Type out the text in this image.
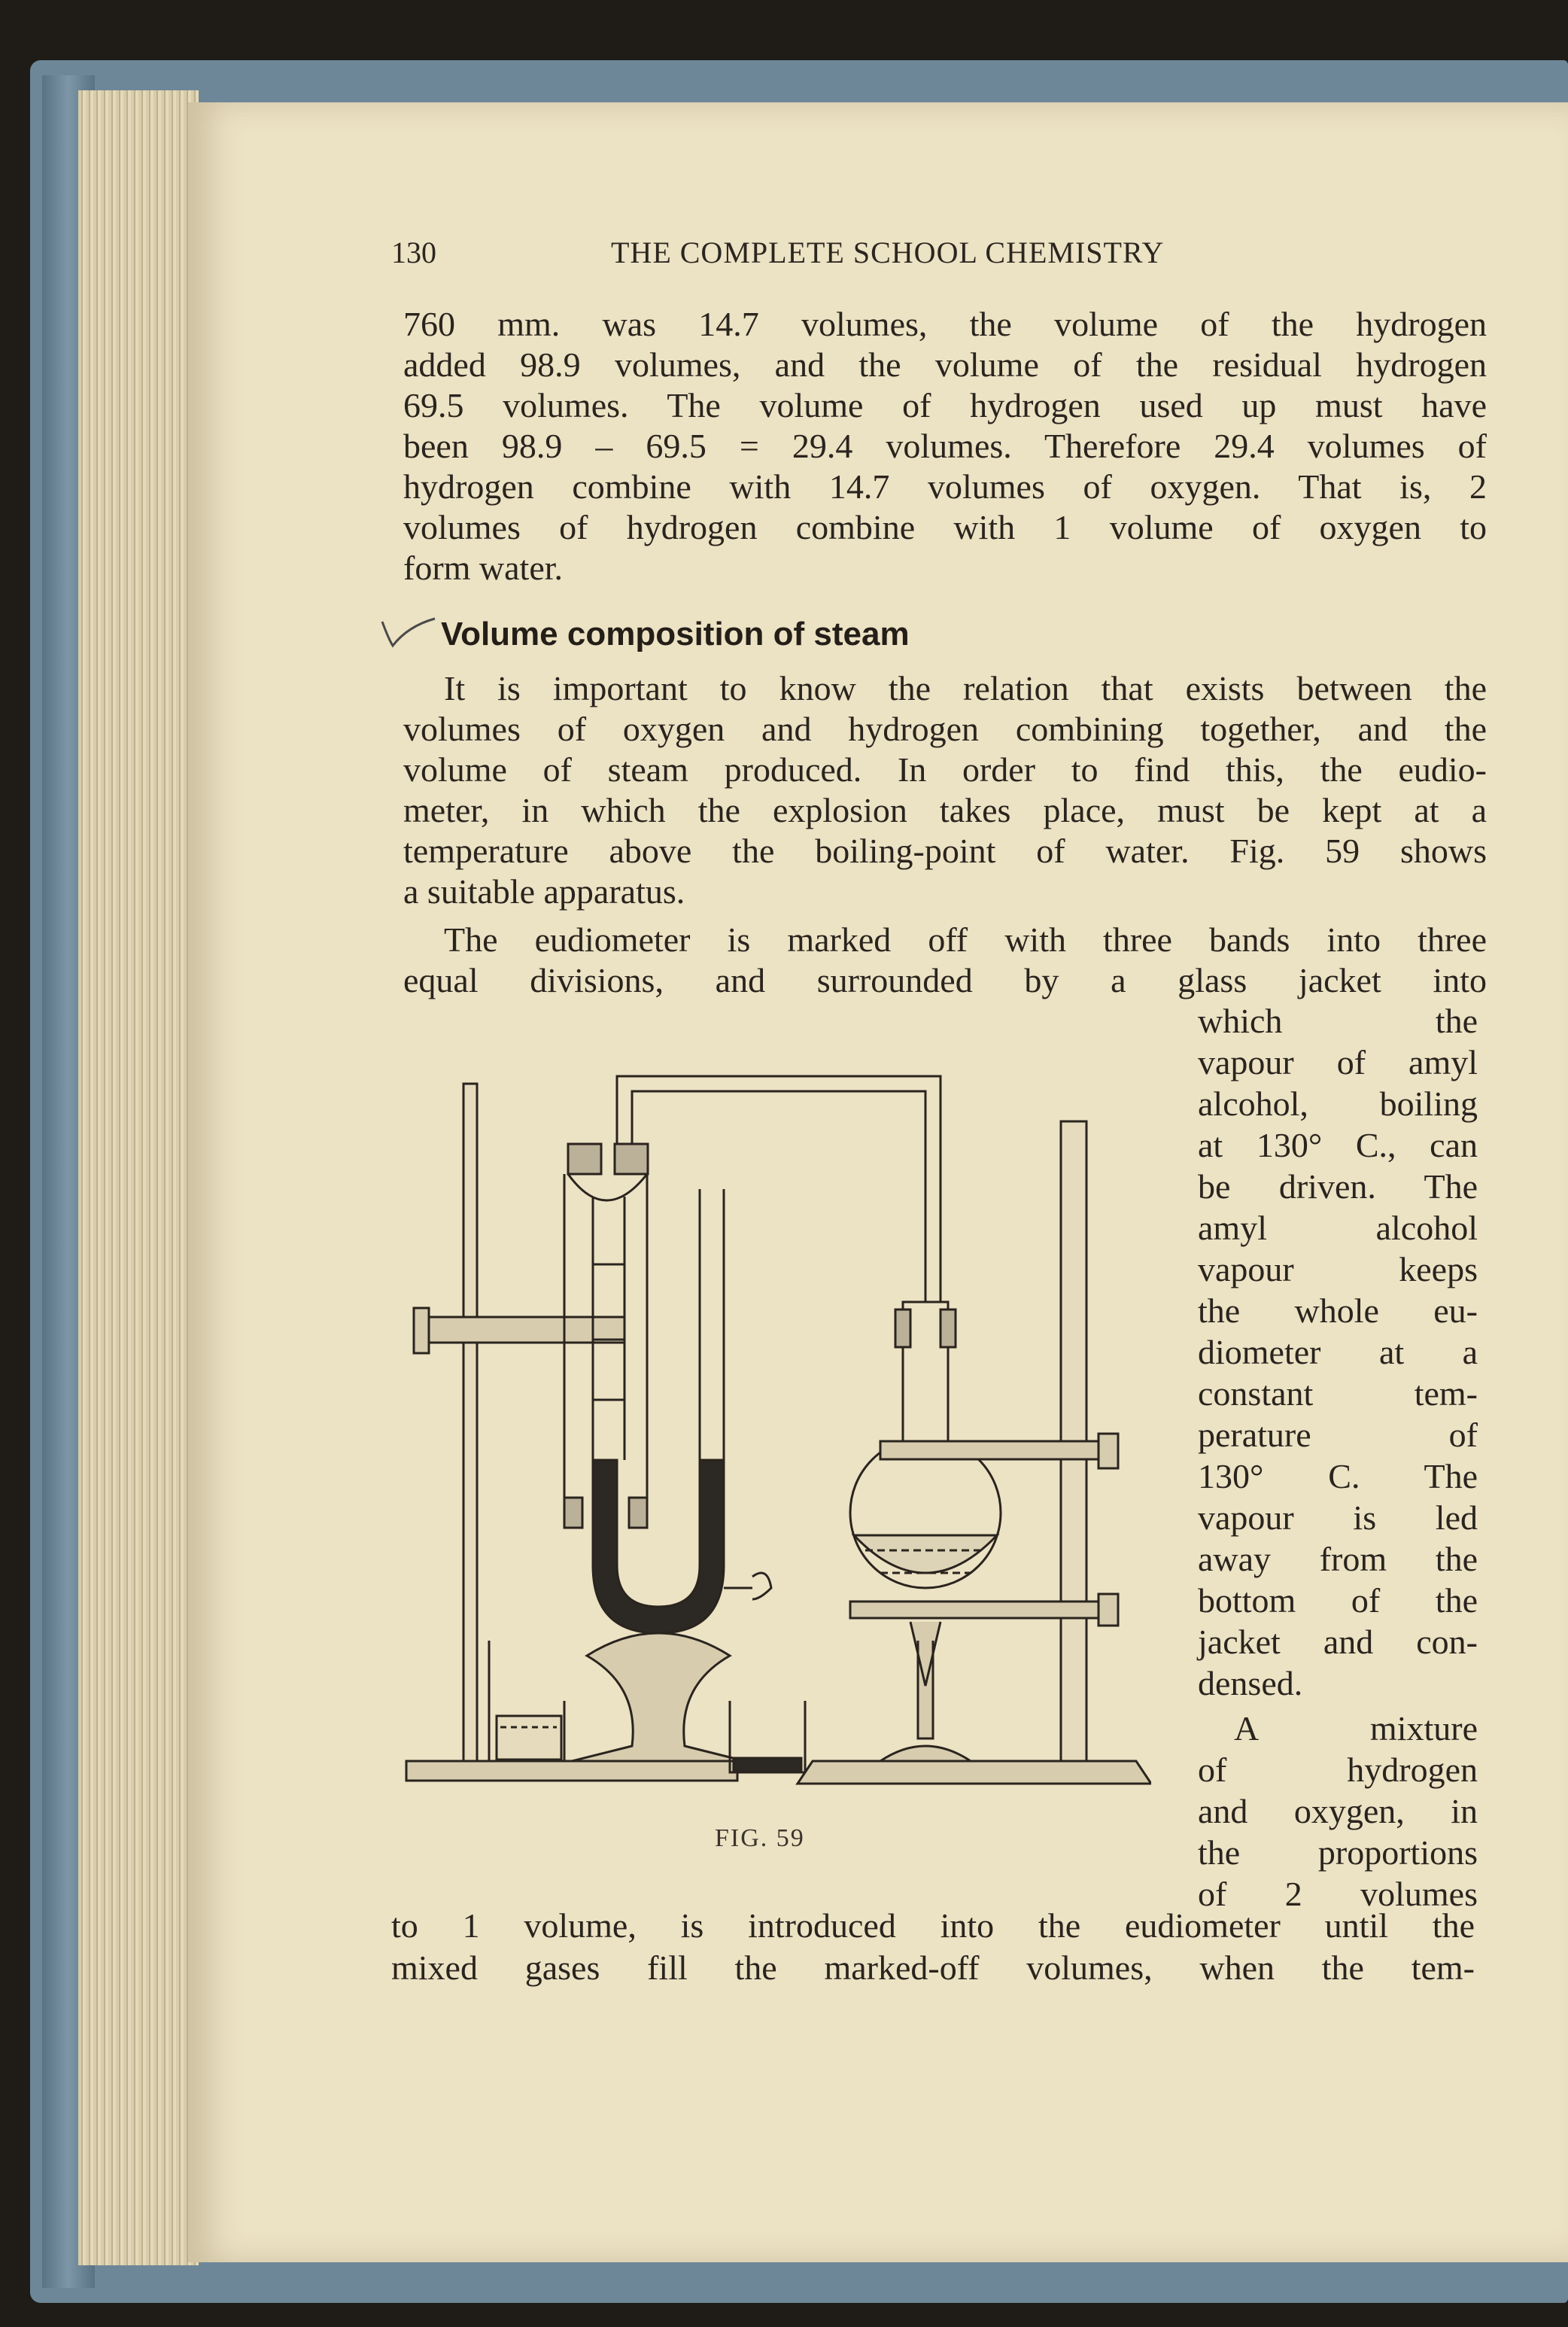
130	THE COMPLETE SCHOOL CHEMISTRY
760 mm. was 14.7 volumes, the volume of the hydrogen
added 98.9 volumes, and the volume of the residual hydrogen
69.5 volumes. The volume of hydrogen used up must have
been 98.9 – 69.5 = 29.4 volumes. Therefore 29.4 volumes of
hydrogen combine with 14.7 volumes of oxygen. That is, 2
volumes of hydrogen combine with 1 volume of oxygen to
form water.
Volume composition of steam
It is important to know the relation that exists between the
volumes of oxygen and hydrogen combining together, and the
volume of steam produced. In order to find this, the eudio-
meter, in which the explosion takes place, must be kept at a
temperature above the boiling-point of water. Fig. 59 shows
a suitable apparatus.
The eudiometer is marked off with three bands into three
equal divisions, and surrounded by a glass jacket into
which the
vapour of amyl
alcohol, boiling
at 130° C., can
be driven. The
amyl alcohol
vapour keeps
the whole eu-
diometer at a
constant tem-
perature of
130° C. The
vapour is led
away from the
bottom of the
jacket and con-
densed.
A mixture
of hydrogen
and oxygen, in
the proportions
of 2 volumes
to 1 volume, is introduced into the eudiometer until the
mixed gases fill the marked-off volumes, when the tem-
FIG. 59
